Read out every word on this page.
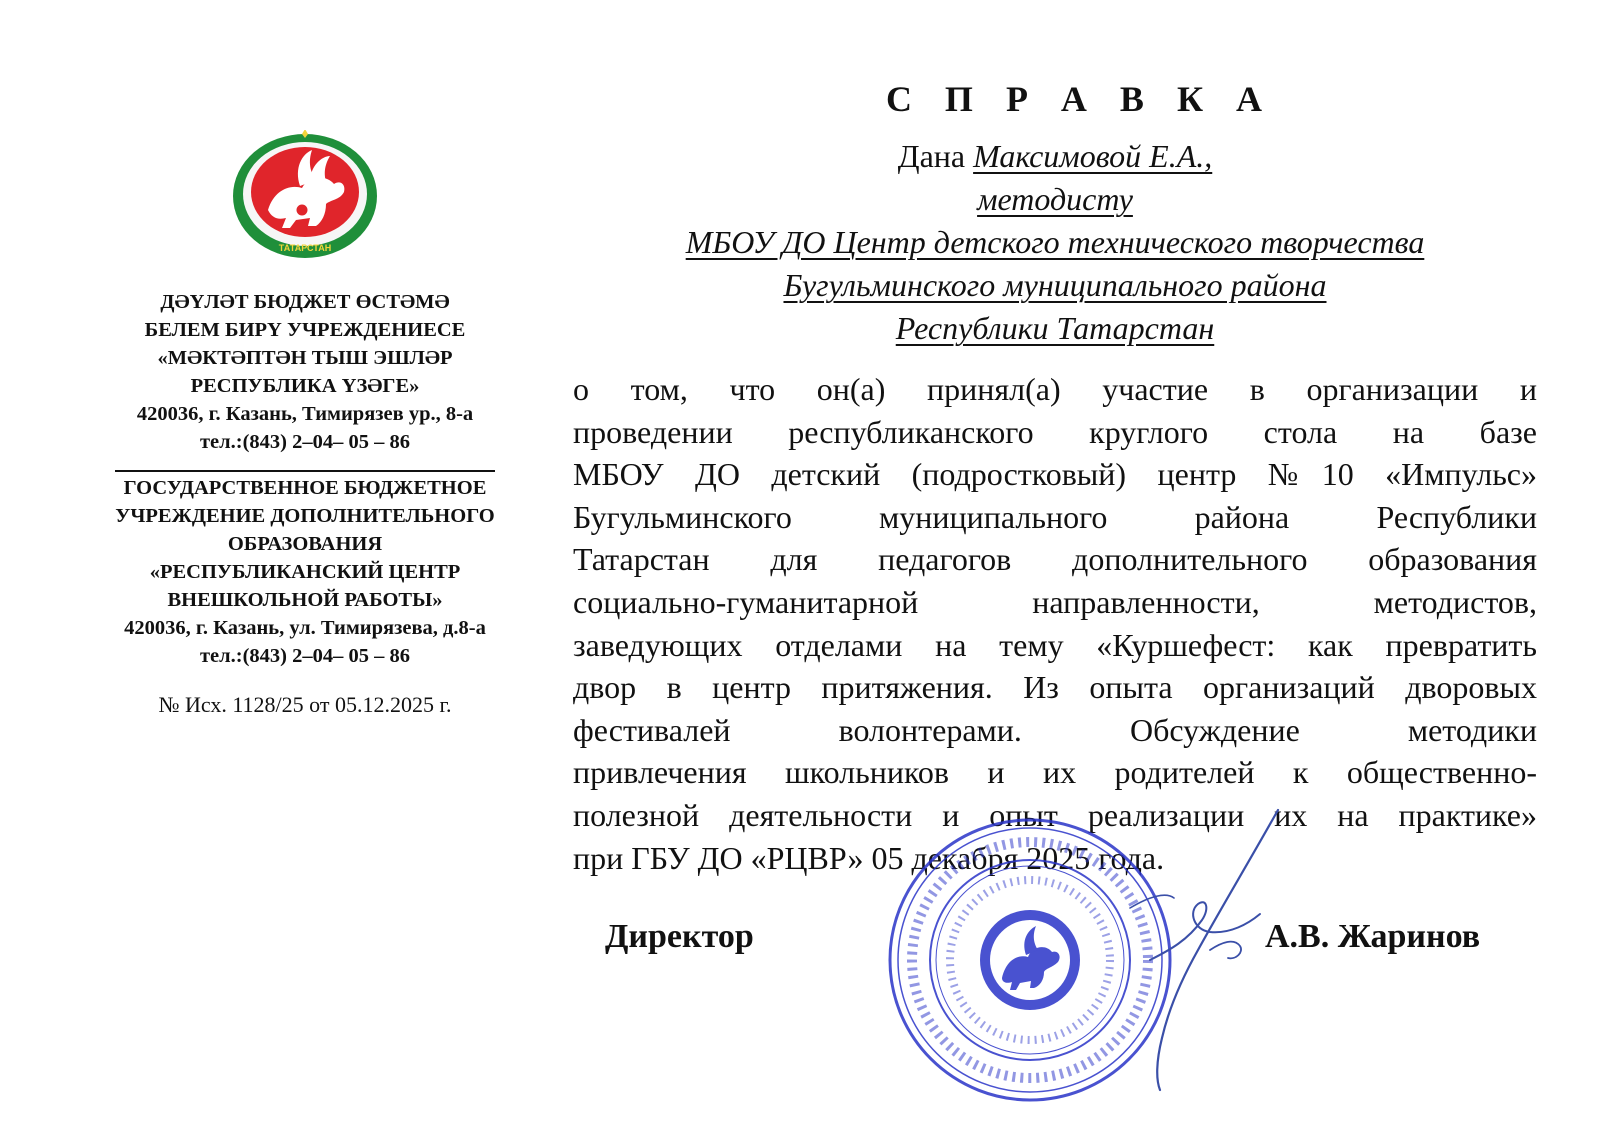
ТАТАРСТАН
ДӘҮЛӘТ БЮДЖЕТ ӨСТӘМӘ
БЕЛЕМ БИРҮ УЧРЕЖДЕНИЕСЕ
«МӘКТӘПТӘН ТЫШ ЭШЛӘР
РЕСПУБЛИКА ҮЗӘГЕ»
420036, г. Казань, Тимирязев ур., 8-а
тел.:(843) 2–04– 05 – 86
ГОСУДАРСТВЕННОЕ БЮДЖЕТНОЕ
УЧРЕЖДЕНИЕ ДОПОЛНИТЕЛЬНОГО
ОБРАЗОВАНИЯ
«РЕСПУБЛИКАНСКИЙ ЦЕНТР
ВНЕШКОЛЬНОЙ РАБОТЫ»
420036, г. Казань, ул. Тимирязева, д.8-а
тел.:(843) 2–04– 05 – 86
№ Исх. 1128/25 от 05.12.2025 г.
С П Р А В К А
Дана Максимовой Е.А.,
методисту
МБОУ ДО Центр детского технического творчества
Бугульминского муниципального района
Республики Татарстан
о том, что он(а) принял(а) участие в организации и
проведении республиканского круглого стола на базе
МБОУ ДО детский (подростковый) центр №10 «Импульс»
Бугульминского муниципального района Республики
Татарстан для педагогов дополнительного образования
социально-гуманитарной направленности, методистов,
заведующих отделами на тему «Куршефест: как превратить
двор в центр притяжения. Из опыта организаций дворовых
фестивалей волонтерами. Обсуждение методики
привлечения школьников и их родителей к общественно-
полезной деятельности и опыт реализации их на практике»
при ГБУ ДО «РЦВР» 05 декабря 2025 года.
Директор	А.В. Жаринов
